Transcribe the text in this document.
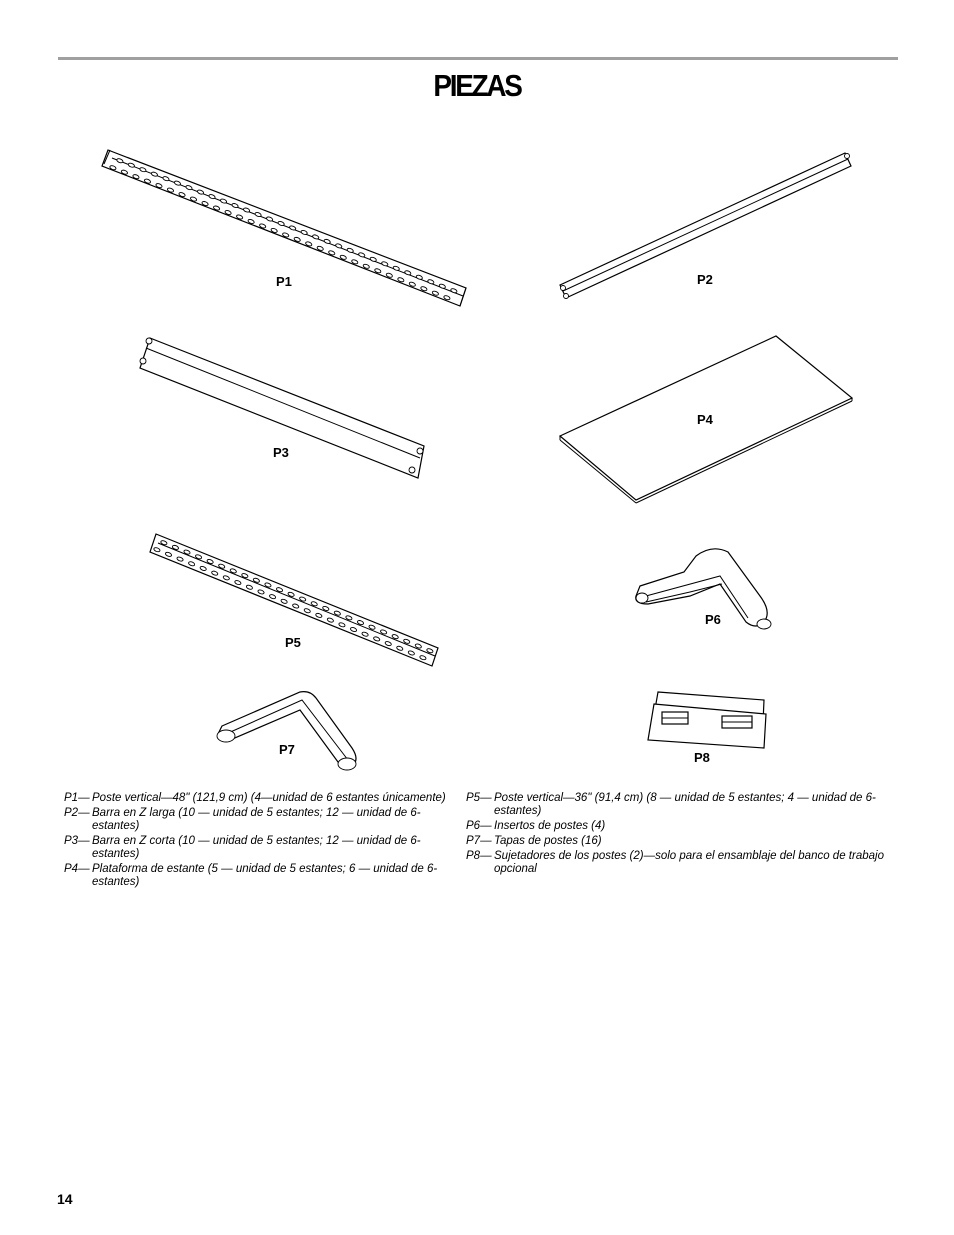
PIEZAS
P1	P2
P3
P4
P5
P6
P7
P8
P1— Poste vertical—48" (121,9 cm) (4—unidad de 6 estantes únicamente)
P2— Barra en Z larga (10 — unidad de 5 estantes; 12 — unidad de 6-estantes)
P3— Barra en Z corta (10 — unidad de 5 estantes; 12 — unidad de 6-estantes)
P4— Plataforma de estante (5 — unidad de 5 estantes; 6 — unidad de 6-estantes)
P5— Poste vertical—36" (91,4 cm) (8 — unidad de 5 estantes; 4 — unidad de 6-estantes)
P6— Insertos de postes (4)
P7— Tapas de postes (16)
P8— Sujetadores de los postes (2)—solo para el ensamblaje del banco de trabajo opcional
14
